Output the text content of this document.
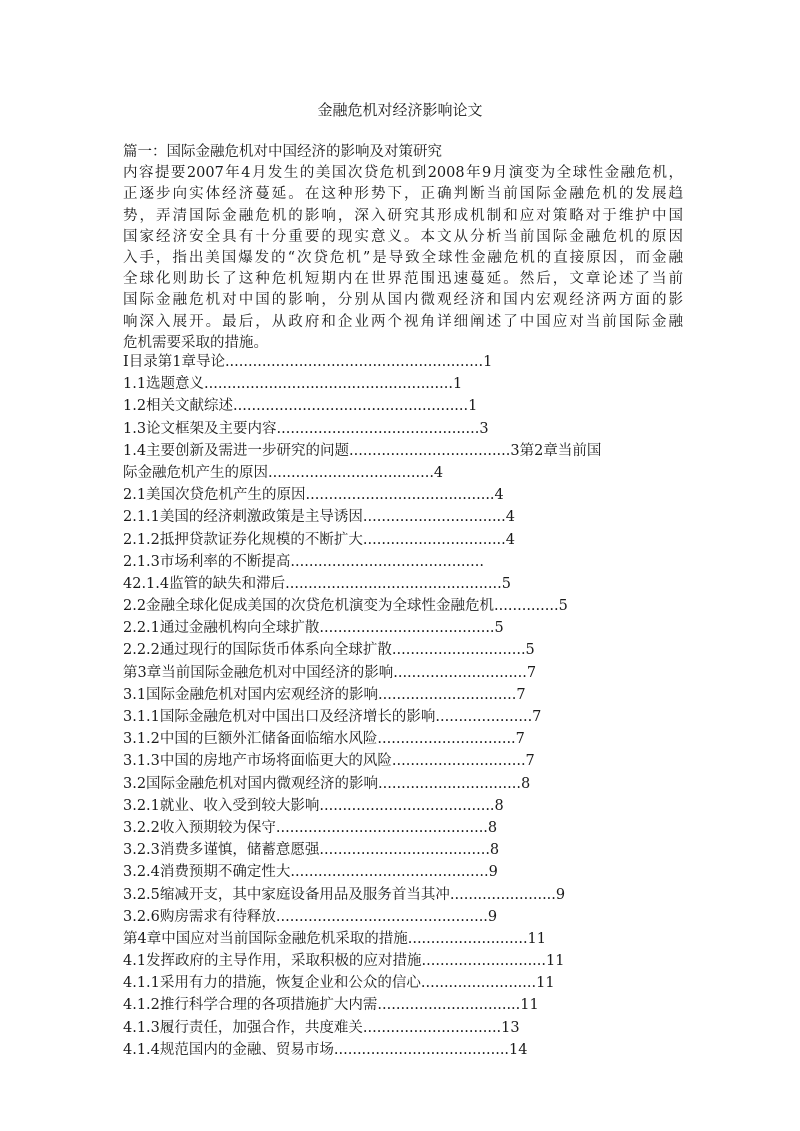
金融危机对经济影响论文
篇一：国际金融危机对中国经济的影响及对策研究
内容提要2007年4月发生的美国次贷危机到2008年9月演变为全球性金融危机，
正逐步向实体经济蔓延。在这种形势下，正确判断当前国际金融危机的发展趋
势，弄清国际金融危机的影响，深入研究其形成机制和应对策略对于维护中国
国家经济安全具有十分重要的现实意义。本文从分析当前国际金融危机的原因
入手，指出美国爆发的“次贷危机”是导致全球性金融危机的直接原因，而金融
全球化则助长了这种危机短期内在世界范围迅速蔓延。然后，文章论述了当前
国际金融危机对中国的影响，分别从国内微观经济和国内宏观经济两方面的影
响深入展开。最后，从政府和企业两个视角详细阐述了中国应对当前国际金融
危机需要采取的措施。
I目录第1章导论........................................................1
1.1选题意义......................................................1
1.2相关文献综述...................................................1
1.3论文框架及主要内容............................................3
1.4主要创新及需进一步研究的问题...................................3第2章当前国
际金融危机产生的原因....................................4
2.1美国次贷危机产生的原因.........................................4
2.1.1美国的经济刺激政策是主导诱因...............................4
2.1.2抵押贷款证券化规模的不断扩大...............................4
2.1.3市场利率的不断提高..........................................
42.1.4监管的缺失和滞后...............................................5
2.2金融全球化促成美国的次贷危机演变为全球性金融危机..............5
2.2.1通过金融机构向全球扩散......................................5
2.2.2通过现行的国际货币体系向全球扩散.............................5
第3章当前国际金融危机对中国经济的影响.............................7
3.1国际金融危机对国内宏观经济的影响..............................7
3.1.1国际金融危机对中国出口及经济增长的影响.....................7
3.1.2中国的巨额外汇储备面临缩水风险..............................7
3.1.3中国的房地产市场将面临更大的风险.............................7
3.2国际金融危机对国内微观经济的影响...............................8
3.2.1就业、收入受到较大影响......................................8
3.2.2收入预期较为保守..............................................8
3.2.3消费多谨慎，储蓄意愿强.....................................8
3.2.4消费预期不确定性大...........................................9
3.2.5缩减开支，其中家庭设备用品及服务首当其冲.......................9
3.2.6购房需求有待释放..............................................9
第4章中国应对当前国际金融危机采取的措施..........................11
4.1发挥政府的主导作用，采取积极的应对措施...........................11
4.1.1采用有力的措施，恢复企业和公众的信心.........................11
4.1.2推行科学合理的各项措施扩大内需...............................11
4.1.3履行责任，加强合作，共度难关..............................13
4.1.4规范国内的金融、贸易市场......................................14
